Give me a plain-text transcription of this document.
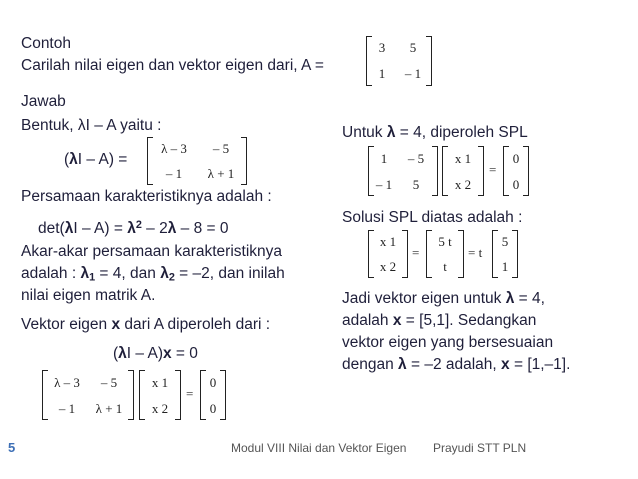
Contoh
Carilah nilai eigen dan vektor eigen dari, A =
3	5
1	– 1
Jawab
Bentuk, λI – A yaitu :
(λI – A) =
λ – 3	– 5
– 1	λ + 1
Persamaan karakteristiknya adalah :
$\det(\lambda I - A) = \lambda^2 - 2\lambda - 8 = 0$
Akar-akar persamaan karakteristiknya
adalah : $\lambda_1 = 4$, dan $\lambda_2 = -2$, dan inilah
nilai eigen matrik A.
Vektor eigen x dari A diperoleh dari :
(λI – A)x = 0
λ – 3	– 5
– 1	λ + 1
x 1
x 2
=
0
0
Untuk λ = 4, diperoleh SPL
1	– 5
– 1	5
x 1
x 2
=
0
0
Solusi SPL diatas adalah :
x 1
x 2
=
5 t
t
= t
5
1
Jadi vektor eigen untuk λ = 4,
adalah x = [5,1]. Sedangkan
vektor eigen yang bersesuaian
dengan λ = –2 adalah, x = [1,–1].
5	Modul VIII Nilai dan Vektor Eigen Prayudi STT PLN
